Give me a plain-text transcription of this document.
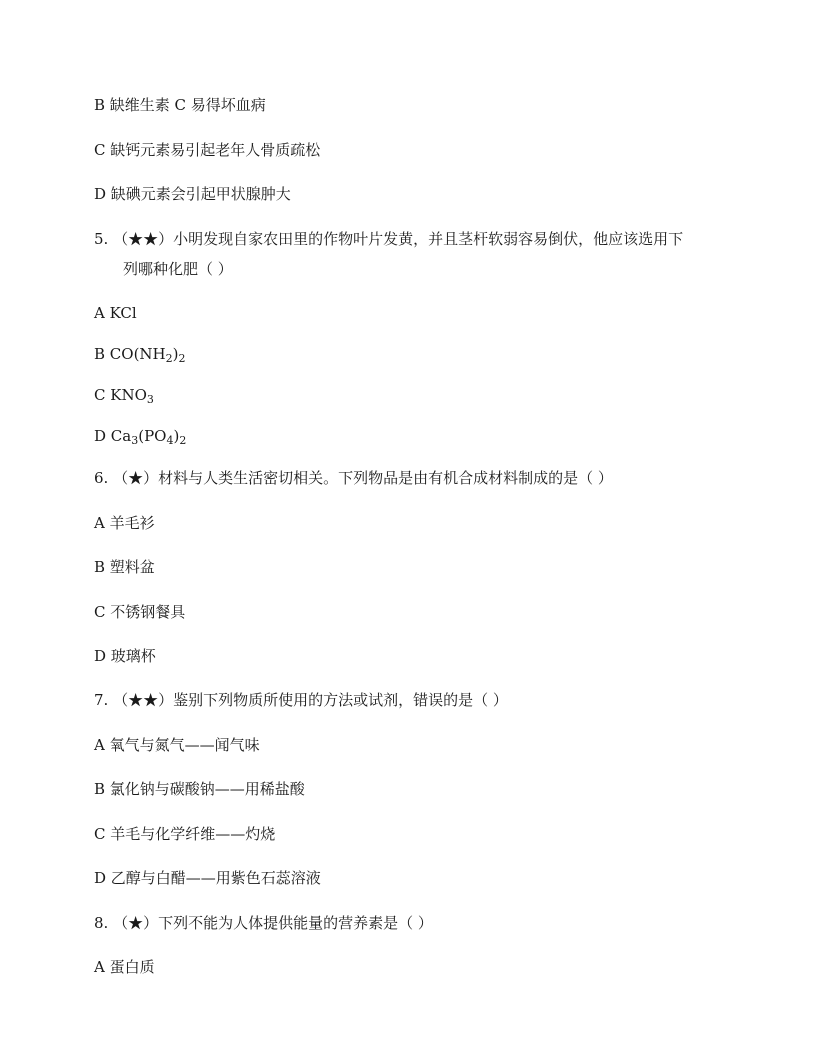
B 缺维生素 C 易得坏血病
C 缺钙元素易引起老年人骨质疏松
D 缺碘元素会引起甲状腺肿大
5. （★★）小明发现自家农田里的作物叶片发黄，并且茎杆软弱容易倒伏，他应该选用下
列哪种化肥（ ）
A KCl
B $CO(NH_2)_2$
C $KNO_3$
D $Ca_3(PO_4)_2$
6. （★）材料与人类生活密切相关。下列物品是由有机合成材料制成的是（ ）
A 羊毛衫
B 塑料盆
C 不锈钢餐具
D 玻璃杯
7. （★★）鉴别下列物质所使用的方法或试剂，错误的是（ ）
A 氧气与氮气——闻气味
B 氯化钠与碳酸钠——用稀盐酸
C 羊毛与化学纤维——灼烧
D 乙醇与白醋——用紫色石蕊溶液
8. （★）下列不能为人体提供能量的营养素是（ ）
A 蛋白质
